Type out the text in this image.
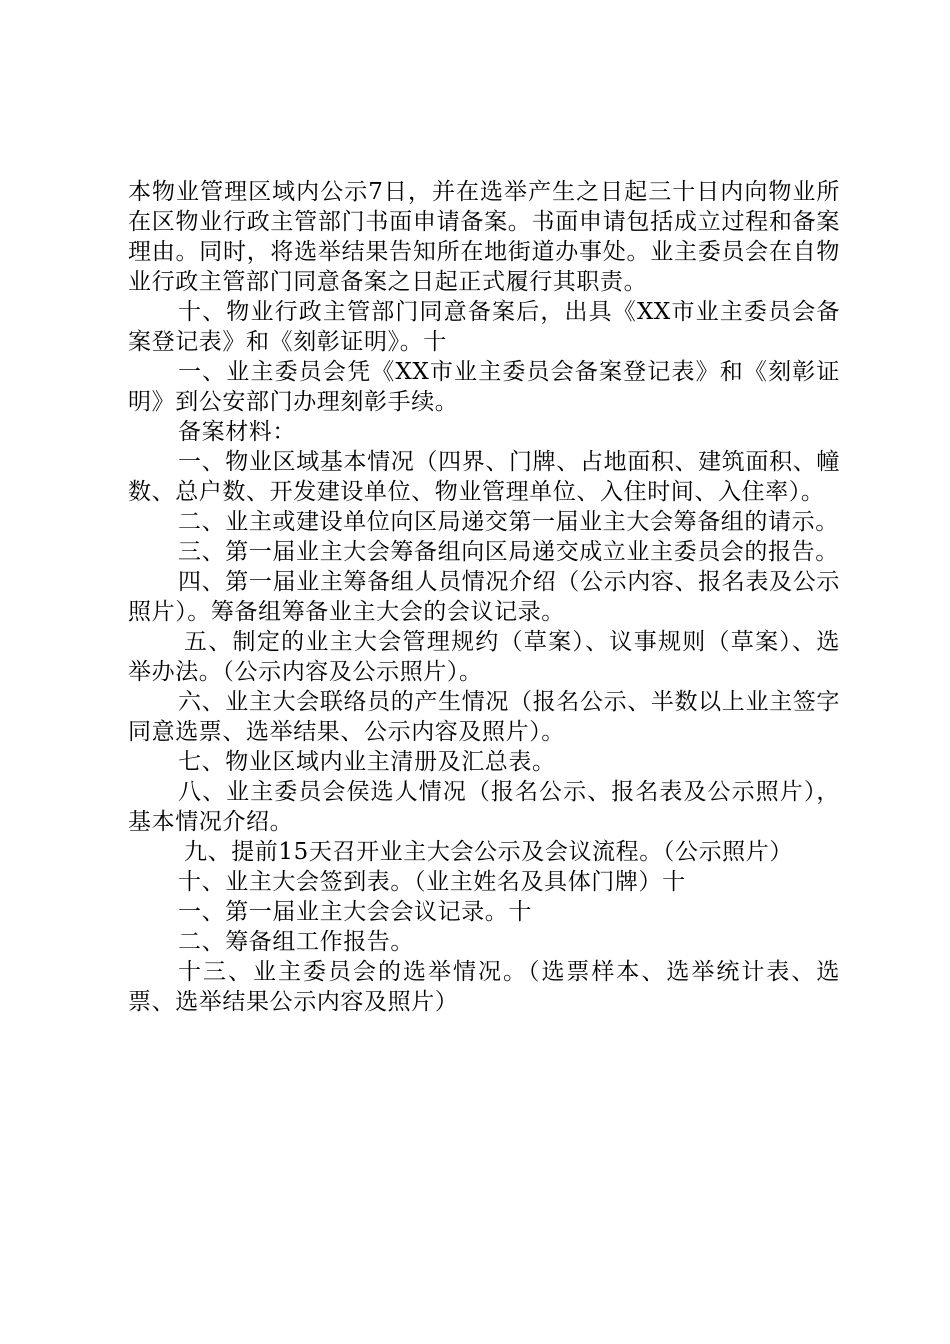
本物业管理区域内公示7日，并在选举产生之日起三十日内向物业所在区物业行政主管部门书面申请备案。书面申请包括成立过程和备案理由。同时，将选举结果告知所在地街道办事处。业主委员会在自物业行政主管部门同意备案之日起正式履行其职责。

十、物业行政主管部门同意备案后，出具《XX市业主委员会备案登记表》和《刻彰证明》。十

一、业主委员会凭《XX市业主委员会备案登记表》和《刻彰证明》到公安部门办理刻彰手续。

备案材料：

一、物业区域基本情况（四界、门牌、占地面积、建筑面积、幢数、总户数、开发建设单位、物业管理单位、入住时间、入住率）。

二、业主或建设单位向区局递交第一届业主大会筹备组的请示。

三、第一届业主大会筹备组向区局递交成立业主委员会的报告。

四、第一届业主筹备组人员情况介绍（公示内容、报名表及公示照片）。筹备组筹备业主大会的会议记录。

五、制定的业主大会管理规约（草案）、议事规则（草案）、选举办法。（公示内容及公示照片）。

六、业主大会联络员的产生情况（报名公示、半数以上业主签字同意选票、选举结果、公示内容及照片）。

七、物业区域内业主清册及汇总表。

八、业主委员会侯选人情况（报名公示、报名表及公示照片），基本情况介绍。

九、提前15天召开业主大会公示及会议流程。（公示照片）

十、业主大会签到表。（业主姓名及具体门牌）十

一、第一届业主大会会议记录。十

二、筹备组工作报告。

十三、业主委员会的选举情况。（选票样本、选举统计表、选票、选举结果公示内容及照片）
